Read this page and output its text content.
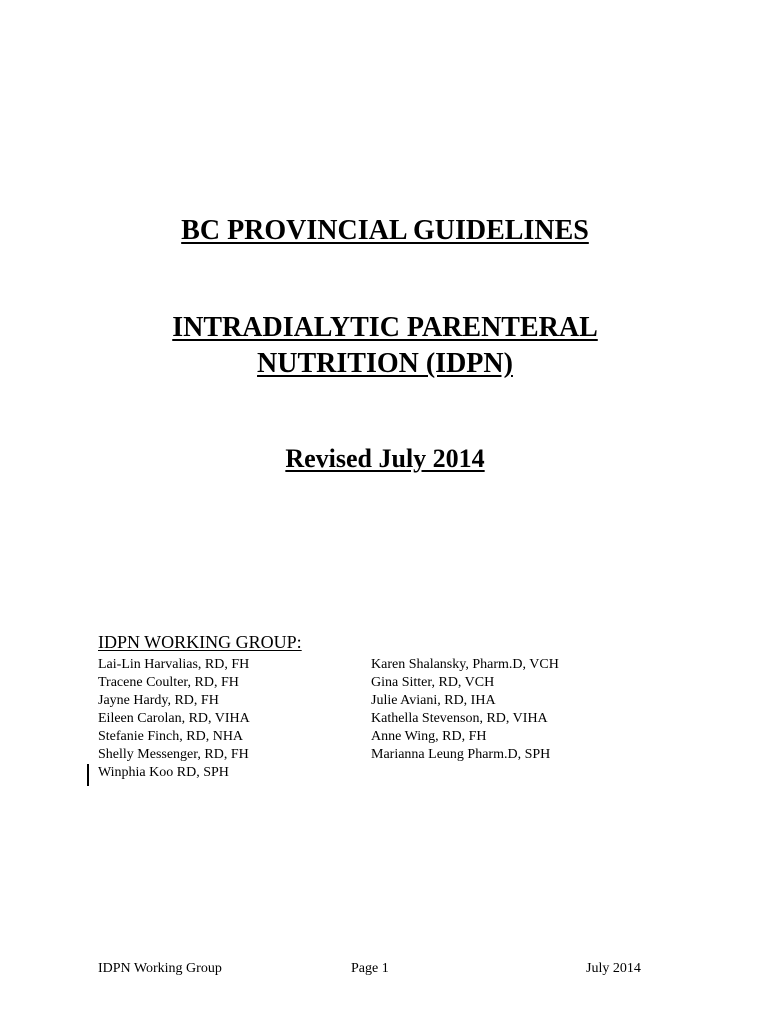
BC PROVINCIAL GUIDELINES
INTRADIALYTIC PARENTERAL
NUTRITION (IDPN)
Revised July 2014
IDPN WORKING GROUP:
Lai-Lin Harvalias, RD, FH
Tracene Coulter, RD, FH
Jayne Hardy, RD, FH
Eileen Carolan, RD, VIHA
Stefanie Finch, RD, NHA
Shelly Messenger, RD, FH
Winphia Koo RD, SPH
Karen Shalansky, Pharm.D, VCH
Gina Sitter, RD, VCH
Julie Aviani, RD, IHA
Kathella Stevenson, RD, VIHA
Anne Wing, RD, FH
Marianna Leung Pharm.D, SPH
IDPN Working Group	Page 1	July 2014
